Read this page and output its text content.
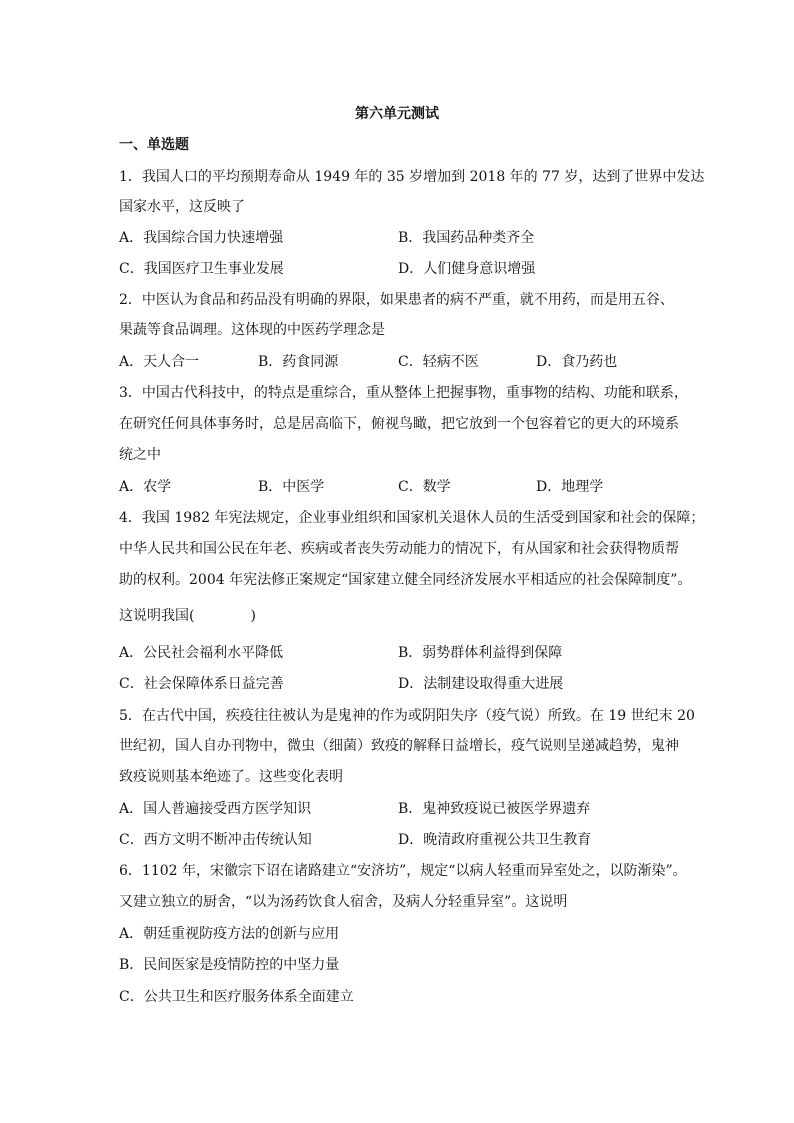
第六单元测试
一、单选题
1．我国人口的平均预期寿命从 1949 年的 35 岁增加到 2018 年的 77 岁，达到了世界中发达
国家水平，这反映了
A．我国综合国力快速增强	B．我国药品种类齐全
C．我国医疗卫生事业发展	D．人们健身意识增强
2．中医认为食品和药品没有明确的界限，如果患者的病不严重，就不用药，而是用五谷、
果蔬等食品调理。这体现的中医药学理念是
A．天人合一	B．药食同源	C．轻病不医	D．食乃药也
3．中国古代科技中，的特点是重综合，重从整体上把握事物，重事物的结构、功能和联系，
在研究任何具体事务时，总是居高临下，俯视鸟瞰，把它放到一个包容着它的更大的环境系
统之中
A．农学	B．中医学	C．数学	D．地理学
4．我国 1982 年宪法规定，企业事业组织和国家机关退休人员的生活受到国家和社会的保障；
中华人民共和国公民在年老、疾病或者丧失劳动能力的情况下，有从国家和社会获得物质帮
助的权利。2004 年宪法修正案规定“国家建立健全同经济发展水平相适应的社会保障制度”。
这说明我国(　　　　)
A．公民社会福利水平降低	B．弱势群体利益得到保障
C．社会保障体系日益完善	D．法制建设取得重大进展
5．在古代中国，疾疫往往被认为是鬼神的作为或阴阳失序（疫气说）所致。在 19 世纪末 20
世纪初，国人自办刊物中，微虫（细菌）致疫的解释日益增长，疫气说则呈递减趋势，鬼神
致疫说则基本绝迹了。这些变化表明
A．国人普遍接受西方医学知识	B．鬼神致疫说已被医学界遗弃
C．西方文明不断冲击传统认知	D．晚清政府重视公共卫生教育
6．1102 年，宋徽宗下诏在诸路建立“安济坊”，规定“以病人轻重而异室处之，以防渐染”。
又建立独立的厨舍，“以为汤药饮食人宿舍，及病人分轻重异室”。这说明
A．朝廷重视防疫方法的创新与应用
B．民间医家是疫情防控的中坚力量
C．公共卫生和医疗服务体系全面建立
